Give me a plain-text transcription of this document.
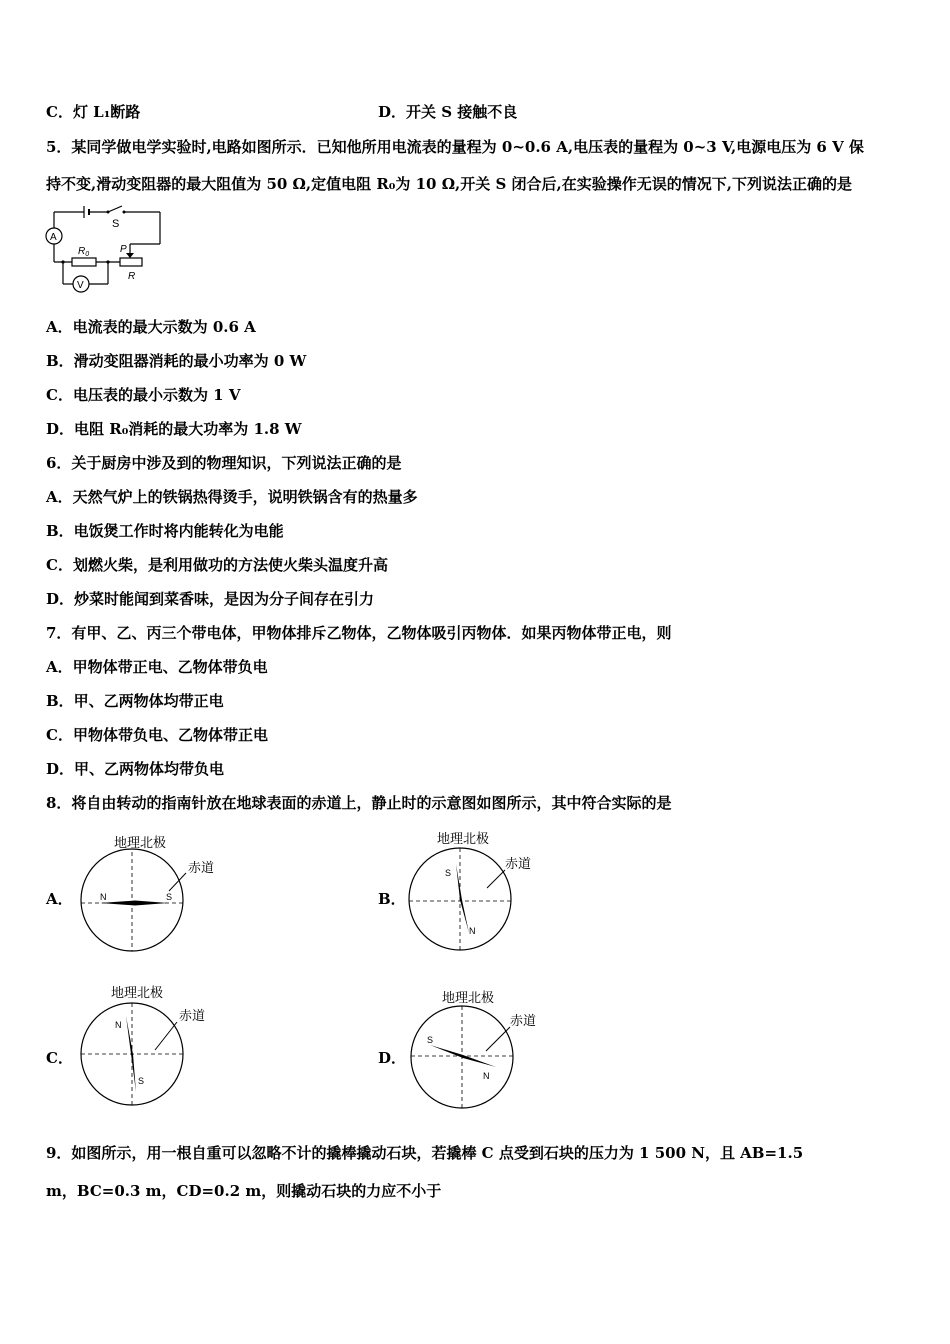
C．灯 L₁断路	D．开关 S 接触不良
5．某同学做电学实验时,电路如图所示．已知他所用电流表的量程为 0~0.6 A,电压表的量程为 0~3 V,电源电压为 6 V 保
持不变,滑动变阻器的最大阻值为 50 Ω,定值电阻 R₀为 10 Ω,开关 S 闭合后,在实验操作无误的情况下,下列说法正确的是
S
P
A
$R_0$
R
V
A．电流表的最大示数为 0.6 A
B．滑动变阻器消耗的最小功率为 0 W
C．电压表的最小示数为 1 V
D．电阻 R₀消耗的最大功率为 1.8 W
6．关于厨房中涉及到的物理知识，下列说法正确的是
A．天然气炉上的铁锅热得烫手，说明铁锅含有的热量多
B．电饭煲工作时将内能转化为电能
C．划燃火柴，是利用做功的方法使火柴头温度升高
D．炒菜时能闻到菜香味，是因为分子间存在引力
7．有甲、乙、丙三个带电体，甲物体排斥乙物体，乙物体吸引丙物体．如果丙物体带正电，则
A．甲物体带正电、乙物体带负电
B．甲、乙两物体均带正电
C．甲物体带负电、乙物体带正电
D．甲、乙两物体均带负电
8．将自由转动的指南针放在地球表面的赤道上，静止时的示意图如图所示，其中符合实际的是
A．
地理北极
赤道
N	S	B．
地理北极
赤道
S
N
C．
地理北极
赤道
N
S
D．
地理北极
赤道
S
N
9．如图所示，用一根自重可以忽略不计的撬棒撬动石块，若撬棒 C 点受到石块的压力为 1 500 N，且 AB=1.5
m，BC=0.3 m，CD=0.2 m，则撬动石块的力应不小于
